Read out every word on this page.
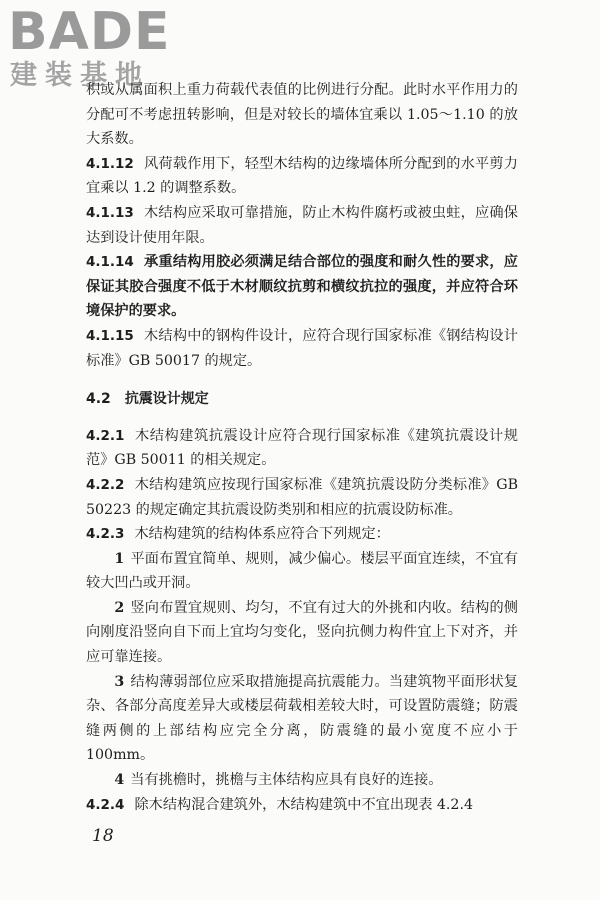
BADE
建装基地

积或从属面积上重力荷载代表值的比例进行分配。此时水平作用力的分配可不考虑扭转影响，但是对较长的墙体宜乘以 1.05～1.10 的放大系数。

4.1.12 风荷载作用下，轻型木结构的边缘墙体所分配到的水平剪力宜乘以 1.2 的调整系数。

4.1.13 木结构应采取可靠措施，防止木构件腐朽或被虫蛀，应确保达到设计使用年限。

4.1.14 承重结构用胶必须满足结合部位的强度和耐久性的要求，应保证其胶合强度不低于木材顺纹抗剪和横纹抗拉的强度，并应符合环境保护的要求。

4.1.15 木结构中的钢构件设计，应符合现行国家标准《钢结构设计标准》GB 50017 的规定。

4.2 抗震设计规定

4.2.1 木结构建筑抗震设计应符合现行国家标准《建筑抗震设计规范》GB 50011 的相关规定。

4.2.2 木结构建筑应按现行国家标准《建筑抗震设防分类标准》GB 50223 的规定确定其抗震设防类别和相应的抗震设防标准。

4.2.3 木结构建筑的结构体系应符合下列规定：

1 平面布置宜简单、规则，减少偏心。楼层平面宜连续，不宜有较大凹凸或开洞。

2 竖向布置宜规则、均匀，不宜有过大的外挑和内收。结构的侧向刚度沿竖向自下而上宜均匀变化，竖向抗侧力构件宜上下对齐，并应可靠连接。

3 结构薄弱部位应采取措施提高抗震能力。当建筑物平面形状复杂、各部分高度差异大或楼层荷载相差较大时，可设置防震缝；防震缝两侧的上部结构应完全分离，防震缝的最小宽度不应小于 100mm。

4 当有挑檐时，挑檐与主体结构应具有良好的连接。

4.2.4 除木结构混合建筑外，木结构建筑中不宜出现表 4.2.4

18
